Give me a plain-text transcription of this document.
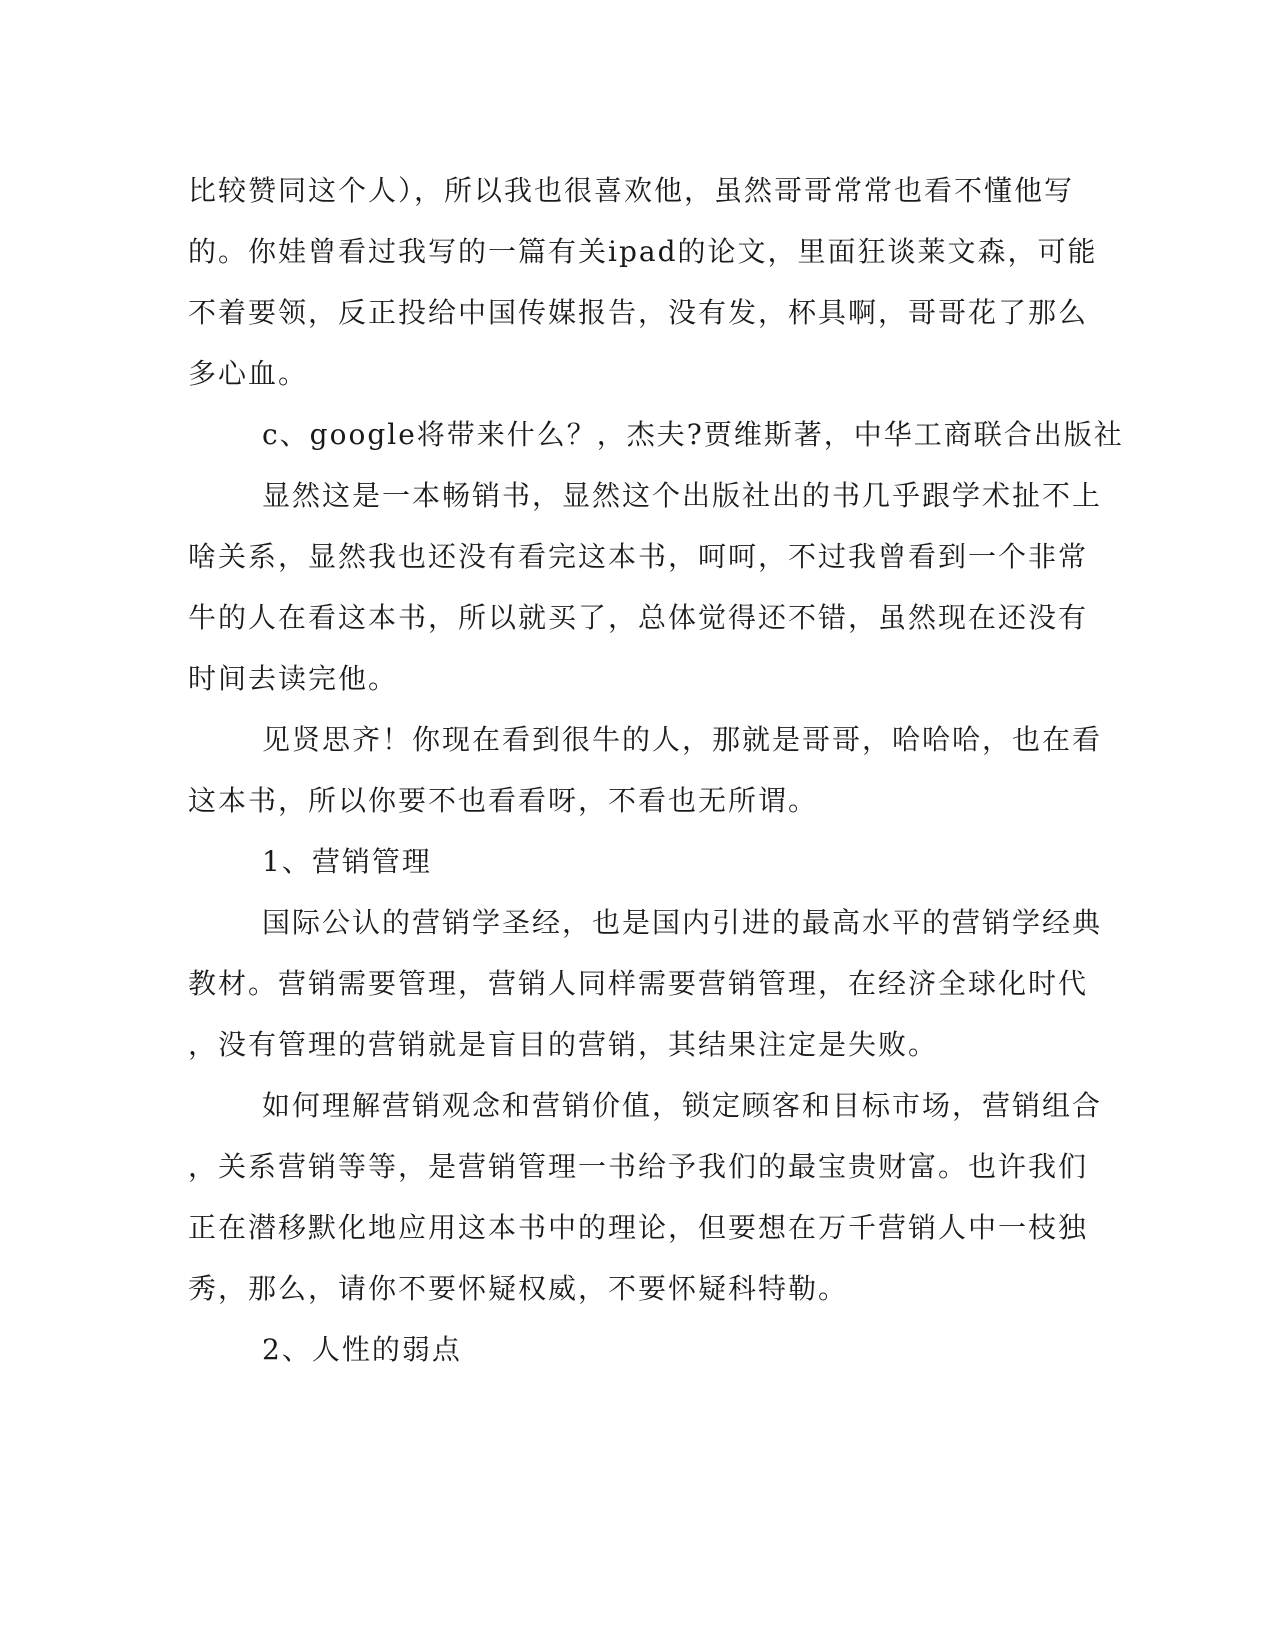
比较赞同这个人），所以我也很喜欢他，虽然哥哥常常也看不懂他写
的。你娃曾看过我写的一篇有关ipad的论文，里面狂谈莱文森，可能
不着要领，反正投给中国传媒报告，没有发，杯具啊，哥哥花了那么
多心血。
c、google将带来什么？，杰夫?贾维斯著，中华工商联合出版社
显然这是一本畅销书，显然这个出版社出的书几乎跟学术扯不上
啥关系，显然我也还没有看完这本书，呵呵，不过我曾看到一个非常
牛的人在看这本书，所以就买了，总体觉得还不错，虽然现在还没有
时间去读完他。
见贤思齐！你现在看到很牛的人，那就是哥哥，哈哈哈，也在看
这本书，所以你要不也看看呀，不看也无所谓。
1、营销管理
国际公认的营销学圣经，也是国内引进的最高水平的营销学经典
教材。营销需要管理，营销人同样需要营销管理，在经济全球化时代
，没有管理的营销就是盲目的营销，其结果注定是失败。
如何理解营销观念和营销价值，锁定顾客和目标市场，营销组合
，关系营销等等，是营销管理一书给予我们的最宝贵财富。也许我们
正在潜移默化地应用这本书中的理论，但要想在万千营销人中一枝独
秀，那么，请你不要怀疑权威，不要怀疑科特勒。
2、人性的弱点
